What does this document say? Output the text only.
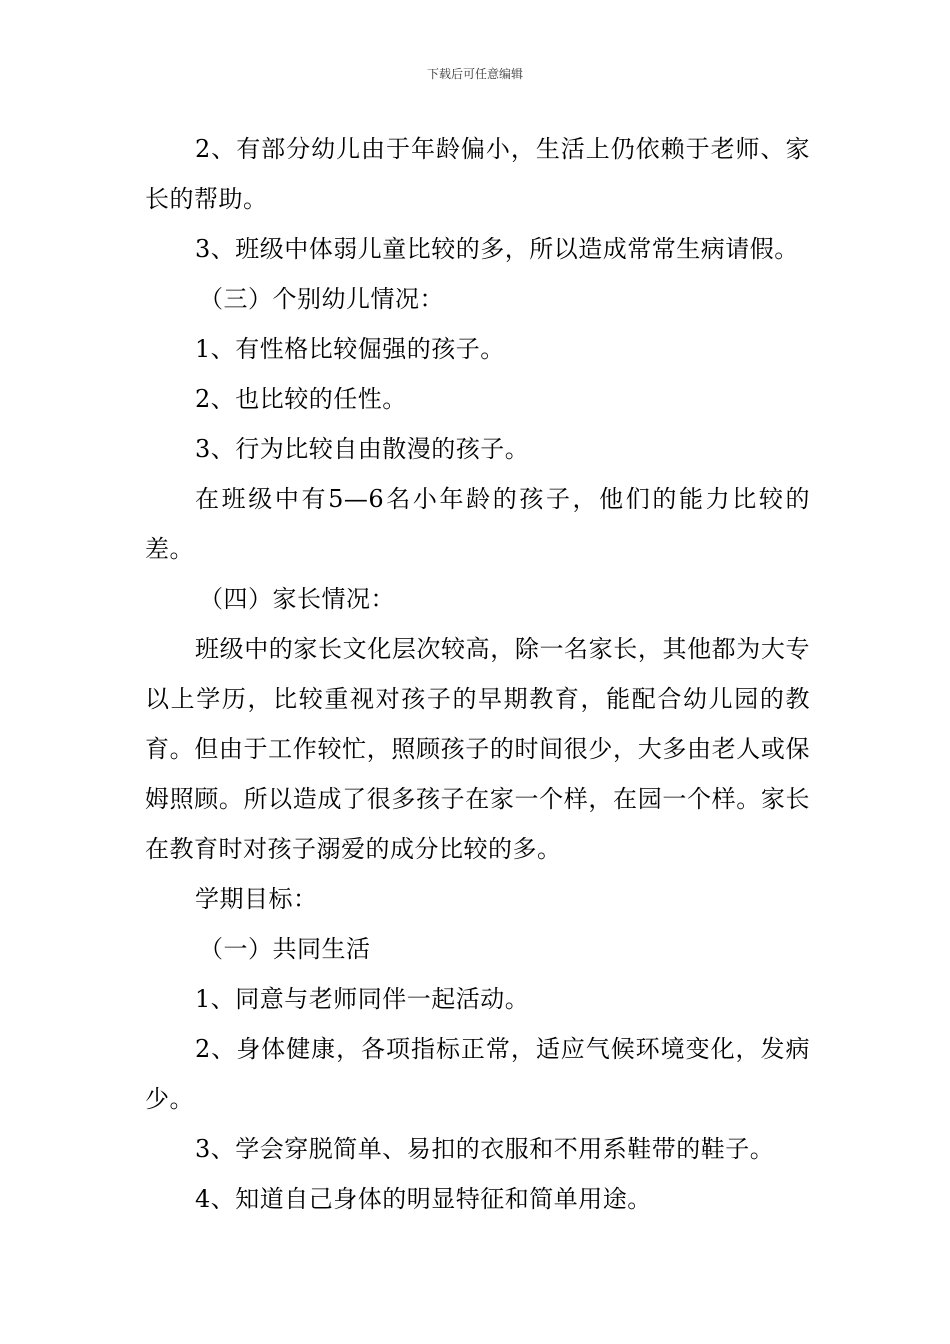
下载后可任意编辑

2、有部分幼儿由于年龄偏小，生活上仍依赖于老师、家长的帮助。

3、班级中体弱儿童比较的多，所以造成常常生病请假。

（三）个别幼儿情况：

1、有性格比较倔强的孩子。

2、也比较的任性。

3、行为比较自由散漫的孩子。

在班级中有5—6名小年龄的孩子，他们的能力比较的差。

（四）家长情况：

班级中的家长文化层次较高，除一名家长，其他都为大专以上学历，比较重视对孩子的早期教育，能配合幼儿园的教育。但由于工作较忙，照顾孩子的时间很少，大多由老人或保姆照顾。所以造成了很多孩子在家一个样，在园一个样。家长在教育时对孩子溺爱的成分比较的多。

学期目标：

（一）共同生活

1、同意与老师同伴一起活动。

2、身体健康，各项指标正常，适应气候环境变化，发病少。

3、学会穿脱简单、易扣的衣服和不用系鞋带的鞋子。

4、知道自己身体的明显特征和简单用途。
